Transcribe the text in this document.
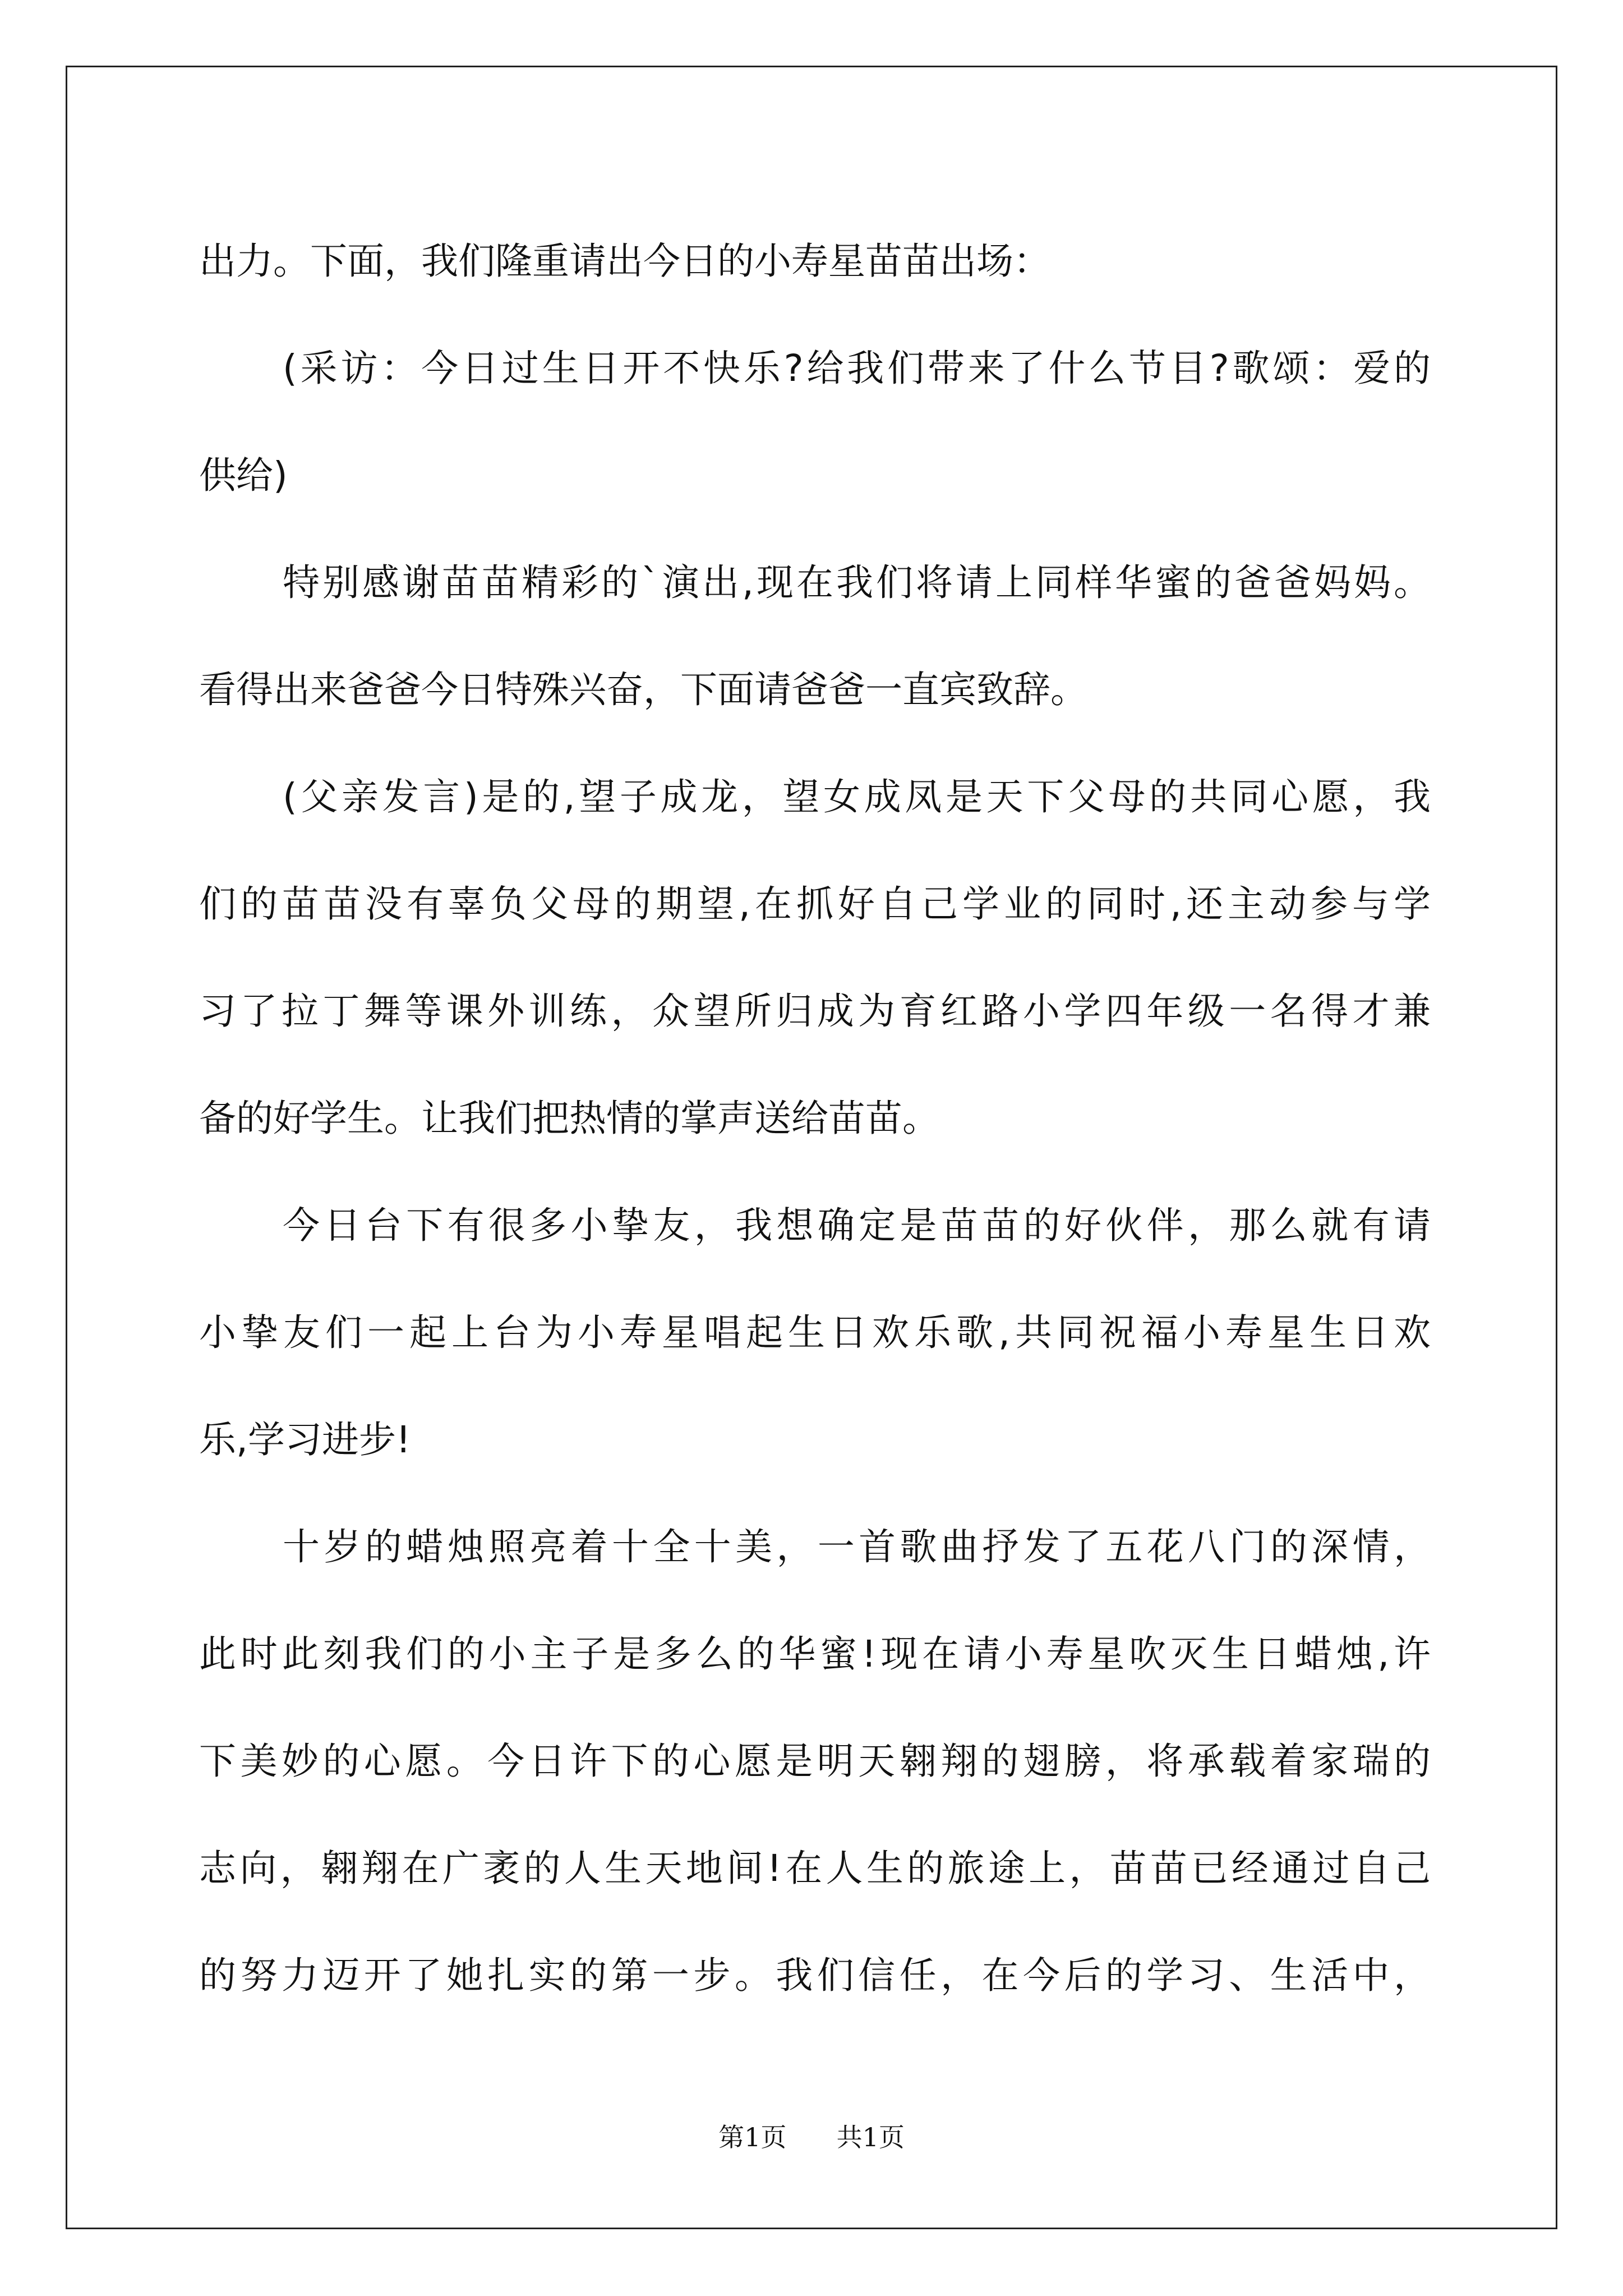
出力。下面，我们隆重请出今日的小寿星苗苗出场：
(采访：今日过生日开不快乐?给我们带来了什么节目?歌颂：爱的
供给)
特别感谢苗苗精彩的`演出,现在我们将请上同样华蜜的爸爸妈妈。
看得出来爸爸今日特殊兴奋，下面请爸爸一直宾致辞。
(父亲发言)是的,望子成龙，望女成凤是天下父母的共同心愿，我
们的苗苗没有辜负父母的期望,在抓好自己学业的同时,还主动参与学
习了拉丁舞等课外训练，众望所归成为育红路小学四年级一名得才兼
备的好学生。让我们把热情的掌声送给苗苗。
今日台下有很多小挚友，我想确定是苗苗的好伙伴，那么就有请
小挚友们一起上台为小寿星唱起生日欢乐歌,共同祝福小寿星生日欢
乐,学习进步!
十岁的蜡烛照亮着十全十美，一首歌曲抒发了五花八门的深情，
此时此刻我们的小主子是多么的华蜜!现在请小寿星吹灭生日蜡烛,许
下美妙的心愿。今日许下的心愿是明天翱翔的翅膀，将承载着家瑞的
志向，翱翔在广袤的人生天地间!在人生的旅途上，苗苗已经通过自己
的努力迈开了她扎实的第一步。我们信任，在今后的学习、生活中，
第1页 共1页
